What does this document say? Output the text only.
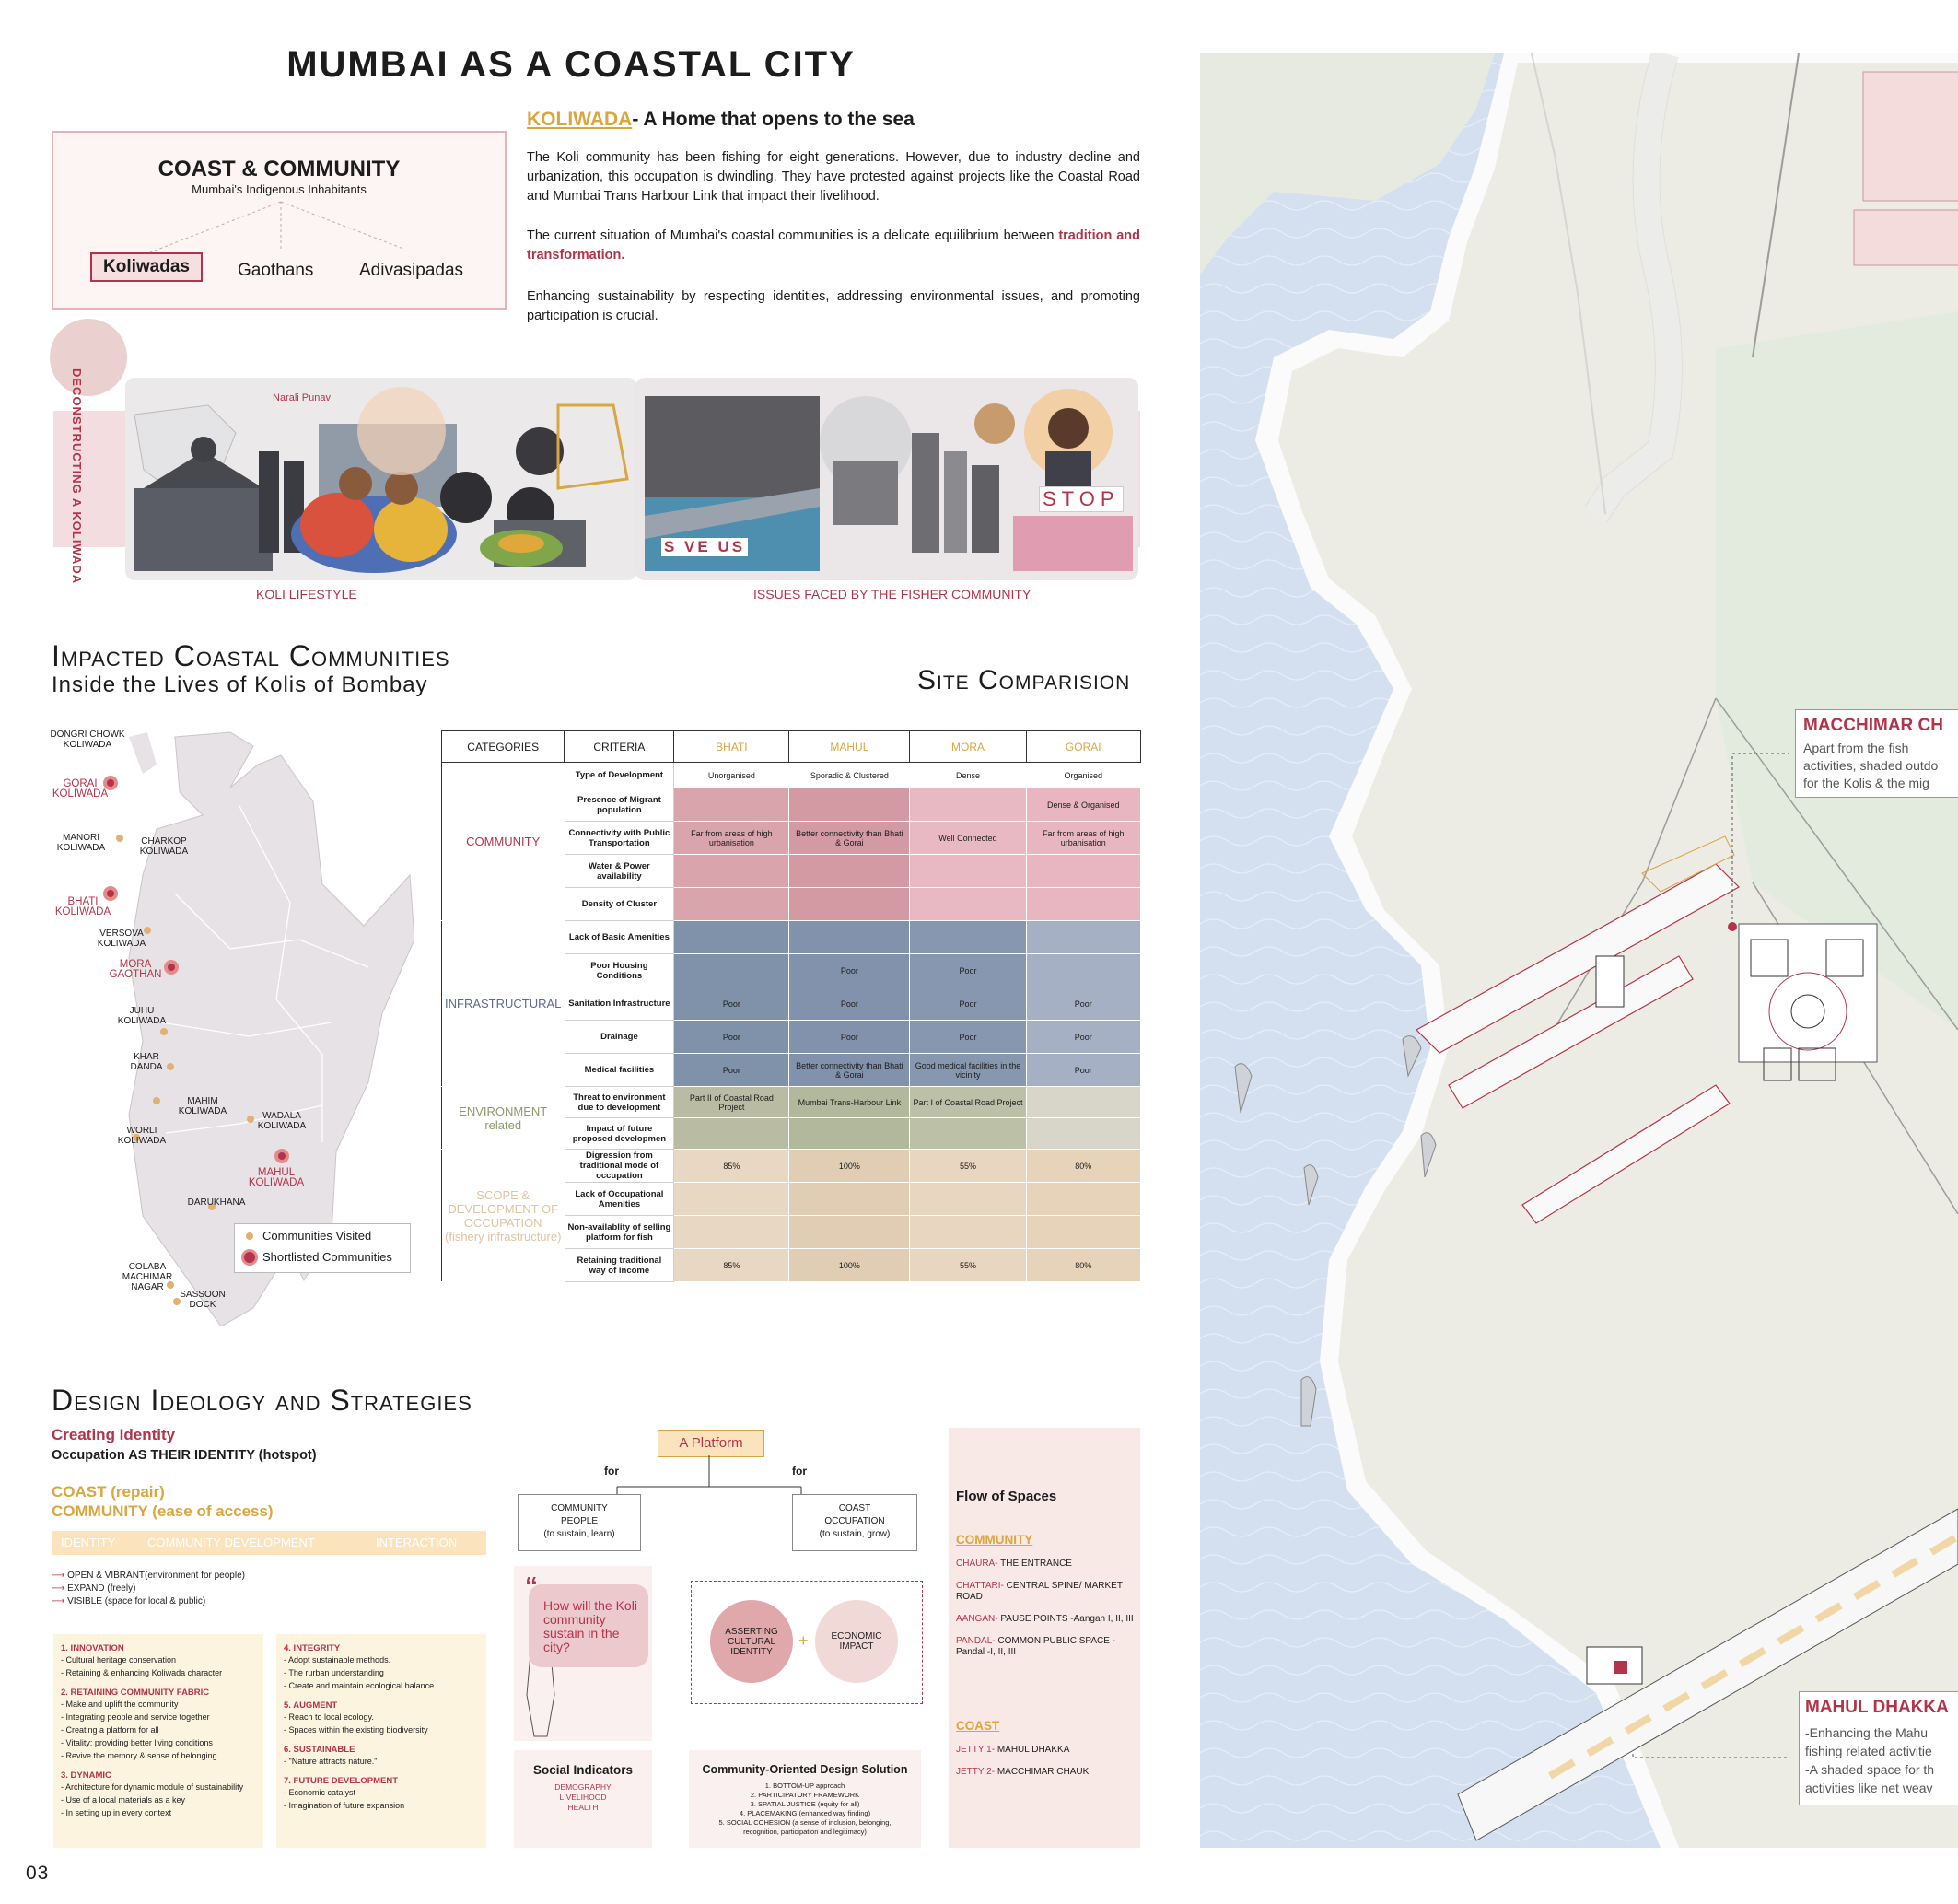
MUMBAI AS A COASTAL CITY
COAST & COMMUNITY
Mumbai's Indigenous Inhabitants
Koliwadas	Gaothans	Adivasipadas
KOLIWADA- A Home that opens to the sea
The Koli community has been fishing for eight generations. However, due to industry decline and urbanization, this occupation is dwindling. They have protested against projects like the Coastal Road and Mumbai Trans Harbour Link that impact their livelihood.
The current situation of Mumbai's coastal communities is a delicate equilibrium between tradition and transformation.
Enhancing sustainability by respecting identities, addressing environmental issues, and promoting participation is crucial.
DECONSTRUCTING A KOLIWADA	Narali Punav
S VE US
STOP
KOLI LIFESTYLE	ISSUES FACED BY THE FISHER COMMUNITY
Impacted Coastal Communities
Inside the Lives of Kolis of Bombay	Site Comparision
DONGRI CHOWK KOLIWADA
GORAI KOLIWADA
MANORI KOLIWADA
CHARKOP KOLIWADA
BHATI KOLIWADA
VERSOVA KOLIWADA
MORA GAOTHAN
JUHU KOLIWADA
KHAR DANDA
MAHIM KOLIWADA	WADALA KOLIWADA
WORLI KOLIWADA
MAHUL KOLIWADA
DARUKHANA
COLABA MACHIMAR NAGAR
SASSOON DOCK
Communities Visited
Shortlisted Communities
CATEGORIES	CRITERIA	BHATI	MAHUL	MORA	GORAI
COMMUNITY	Type of Development	Unorganised	Sporadic & Clustered	Dense	Organised
	Presence of Migrant population				Dense & Organised
	Connectivity with Public Transportation	Far from areas of high urbanisation	Better connectivity than Bhati & Gorai	Well Connected	Far from areas of high urbanisation
	Water & Power availability				
	Density of Cluster				
INFRASTRUCTURAL	Lack of Basic Amenities				
	Poor Housing Conditions		Poor	Poor	
	Sanitation Infrastructure	Poor	Poor	Poor	Poor
	Drainage	Poor	Poor	Poor	Poor
	Medical facilities	Poor	Better connectivity than Bhati & Gorai	Good medical facilities in the vicinity	Poor
ENVIRONMENT related	Threat to environment due to development	Part II of Coastal Road Project	Mumbai Trans-Harbour Link	Part I of Coastal Road Project	
	Impact of future proposed developmen				
SCOPE & DEVELOPMENT OF OCCUPATION (fishery infrastructure)	Digression from traditional mode of occupation	85%	100%	55%	80%
	Lack of Occupational Amenities				
	Non-availablity of selling platform for fish				
	Retaining traditional way of income	85%	100%	55%	80%
Design Ideology and Strategies
Creating Identity
Occupation AS THEIR IDENTITY (hotspot)
COAST (repair)
COMMUNITY (ease of access)
IDENTITY	COMMUNITY DEVELOPMENT	INTERACTION
⟶ OPEN & VIBRANT(environment for people)
⟶ EXPAND (freely)
⟶ VISIBLE (space for local & public)
1. INNOVATION
- Cultural heritage conservation
- Retaining & enhancing Koliwada character
2. RETAINING COMMUNITY FABRIC
- Make and uplift the community
- Integrating people and service together
- Creating a platform for all
- Vitality: providing better living conditions
- Revive the memory & sense of belonging
3. DYNAMIC
- Architecture for dynamic module of sustainability
- Use of a local materials as a key
- In setting up in every context
4. INTEGRITY
- Adopt sustainable methods.
- The rurban understanding
- Create and maintain ecological balance.
5. AUGMENT
- Reach to local ecology.
- Spaces within the existing biodiversity
6. SUSTAINABLE
- "Nature attracts nature."
7. FUTURE DEVELOPMENT
- Economic catalyst
- Imagination of future expansion
A Platform
for	for
COMMUNITY
PEOPLE
(to sustain, learn)
COAST
OCCUPATION
(to sustain, grow)
“
How will the Koli community sustain in the city?
ASSERTING CULTURAL IDENTITY
+ ECONOMIC IMPACT
Social Indicators
DEMOGRAPHY
LIVELIHOOD
HEALTH
Community-Oriented Design Solution
1. BOTTOM-UP approach
2. PARTICIPATORY FRAMEWORK
3. SPATIAL JUSTICE (equity for all)
4. PLACEMAKING (enhanced way finding)
5. SOCIAL COHESION (a sense of inclusion, belonging, recognition, participation and legitimacy)
Flow of Spaces
COMMUNITY
CHAURA- THE ENTRANCE
CHATTARI- CENTRAL SPINE/ MARKET ROAD
AANGAN- PAUSE POINTS -Aangan I, II, III
PANDAL- COMMON PUBLIC SPACE -Pandal -I, II, III
COAST
JETTY 1- MAHUL DHAKKA
JETTY 2- MACCHIMAR CHAUK
03
MACCHIMAR CH
Apart from the fish
activities, shaded outdo
for the Kolis & the mig
MAHUL DHAKKA
-Enhancing the Mahu
fishing related activitie
-A shaded space for th
activities like net weav
